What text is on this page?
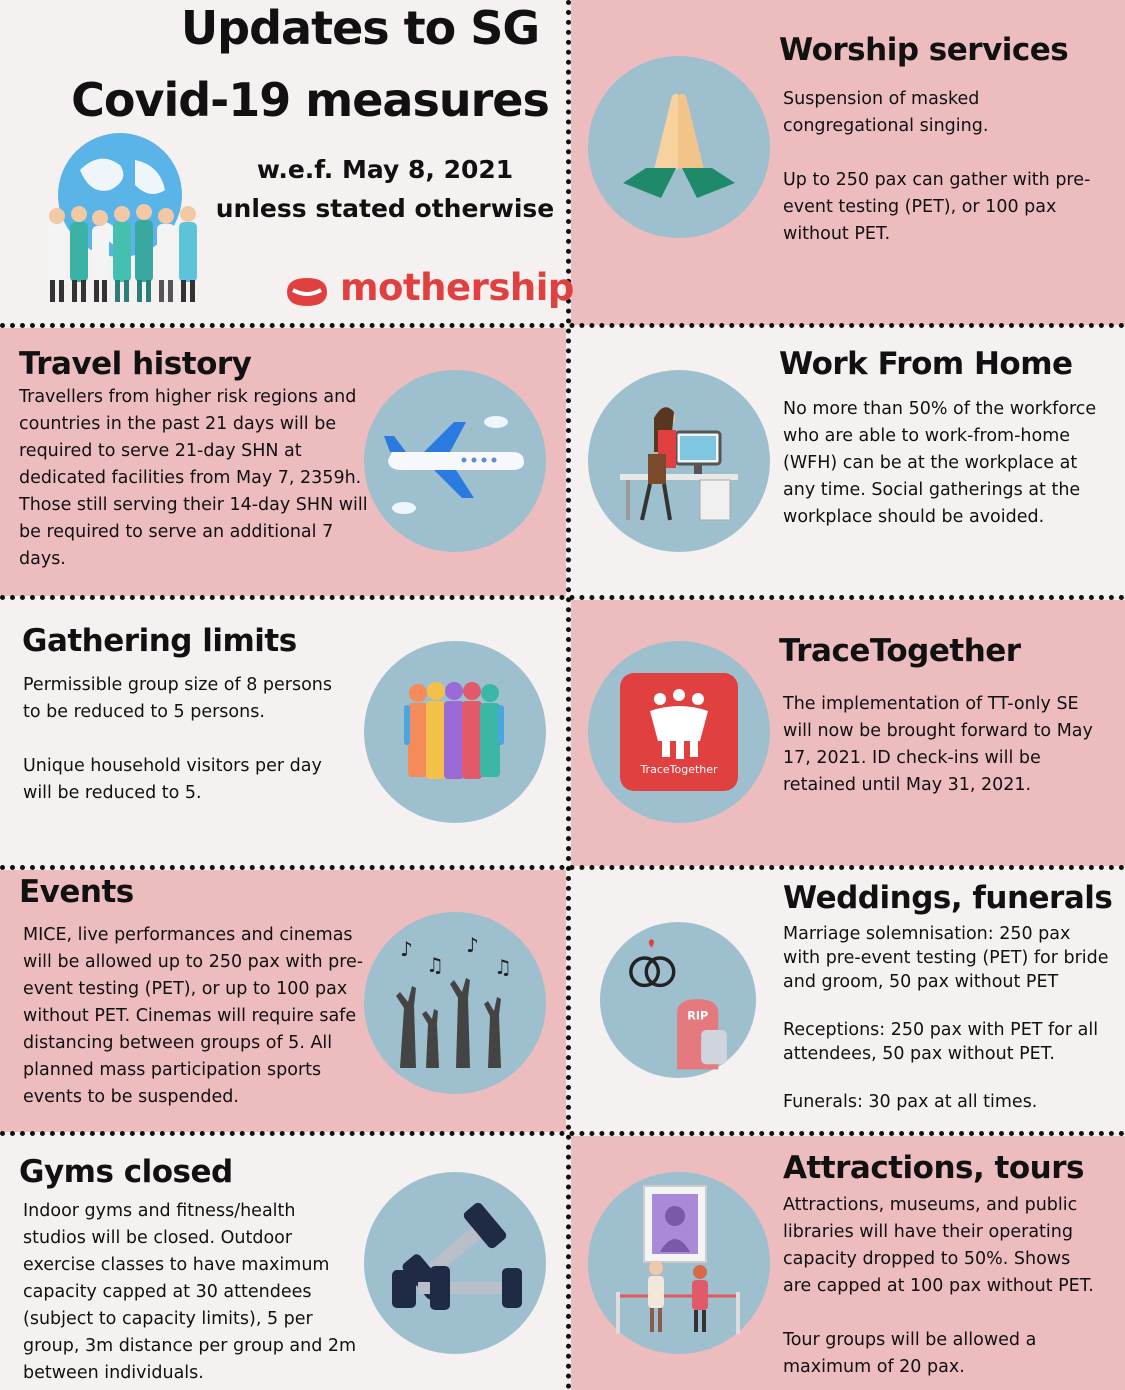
Updates to SG
Covid-19 measures
w.e.f. May 8, 2021
unless stated otherwise
mothership
Worship services

Suspension of masked congregational singing.

Up to 250 pax can gather with pre-event testing (PET), or 100 pax without PET.

Travel history

Travellers from higher risk regions and countries in the past 21 days will be required to serve 21-day SHN at dedicated facilities from May 7, 2359h. Those still serving their 14-day SHN will be required to serve an additional 7 days.

Work From Home

No more than 50% of the workforce who are able to work-from-home (WFH) can be at the workplace at any time. Social gatherings at the workplace should be avoided.

Gathering limits

Permissible group size of 8 persons to be reduced to 5 persons.

Unique household visitors per day will be reduced to 5.

TraceTogether
TraceTogether

The implementation of TT-only SE will now be brought forward to May 17, 2021. ID check-ins will be retained until May 31, 2021.

Events

MICE, live performances and cinemas will be allowed up to 250 pax with pre-event testing (PET), or up to 100 pax without PET. Cinemas will require safe distancing between groups of 5. All planned mass participation sports events to be suspended.

♪
♫
♪
♫
Weddings, funerals
RIP

Marriage solemnisation: 250 pax with pre-event testing (PET) for bride and groom, 50 pax without PET

Receptions: 250 pax with PET for all attendees, 50 pax without PET.

Funerals: 30 pax at all times.

Gyms closed

Indoor gyms and fitness/health studios will be closed. Outdoor exercise classes to have maximum capacity capped at 30 attendees (subject to capacity limits), 5 per group, 3m distance per group and 2m between individuals.

Attractions, tours

Attractions, museums, and public libraries will have their operating capacity dropped to 50%. Shows are capped at 100 pax without PET.

Tour groups will be allowed a maximum of 20 pax.
